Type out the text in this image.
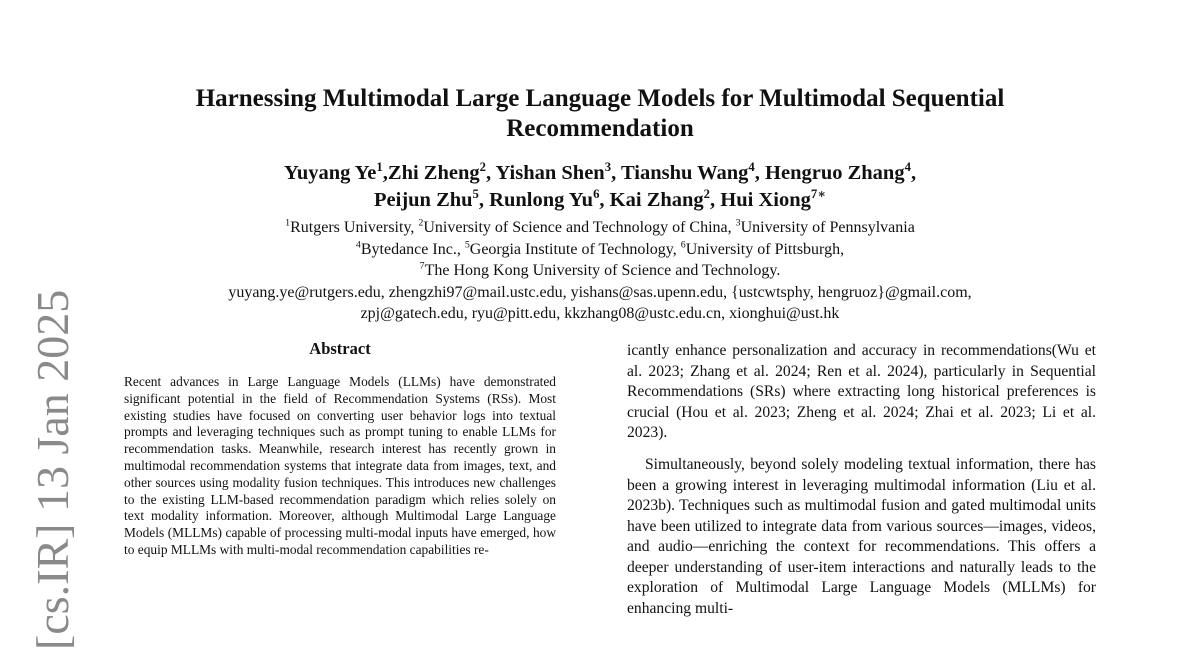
[cs.IR] 13 Jan 2025
Harnessing Multimodal Large Language Models for Multimodal Sequential Recommendation
Yuyang Ye$^1$,Zhi Zheng$^2$, Yishan Shen$^3$, Tianshu Wang$^4$, Hengruo Zhang$^4$,
Peijun Zhu$^5$, Runlong Yu$^6$, Kai Zhang$^2$, Hui Xiong$^{7∗}$
$^1$Rutgers University, $^2$University of Science and Technology of China, $^3$University of Pennsylvania
$^4$Bytedance Inc., $^5$Georgia Institute of Technology, $^6$University of Pittsburgh,
$^7$The Hong Kong University of Science and Technology.
yuyang.ye@rutgers.edu, zhengzhi97@mail.ustc.edu, yishans@sas.upenn.edu, {ustcwtsphy, hengruoz}@gmail.com,
zpj@gatech.edu, ryu@pitt.edu, kkzhang08@ustc.edu.cn, xionghui@ust.hk
Abstract

Recent advances in Large Language Models (LLMs) have demonstrated significant potential in the field of Recommendation Systems (RSs). Most existing studies have focused on converting user behavior logs into textual prompts and leveraging techniques such as prompt tuning to enable LLMs for recommendation tasks. Meanwhile, research interest has recently grown in multimodal recommendation systems that integrate data from images, text, and other sources using modality fusion techniques. This introduces new challenges to the existing LLM-based recommendation paradigm which relies solely on text modality information. Moreover, although Multimodal Large Language Models (MLLMs) capable of processing multi-modal inputs have emerged, how to equip MLLMs with multi-modal recommendation capabilities re-

icantly enhance personalization and accuracy in recommendations(Wu et al. 2023; Zhang et al. 2024; Ren et al. 2024), particularly in Sequential Recommendations (SRs) where extracting long historical preferences is crucial (Hou et al. 2023; Zheng et al. 2024; Zhai et al. 2023; Li et al. 2023).

Simultaneously, beyond solely modeling textual information, there has been a growing interest in leveraging multimodal information (Liu et al. 2023b). Techniques such as multimodal fusion and gated multimodal units have been utilized to integrate data from various sources—images, videos, and audio—enriching the context for recommendations. This offers a deeper understanding of user-item interactions and naturally leads to the exploration of Multimodal Large Language Models (MLLMs) for enhancing multi-
